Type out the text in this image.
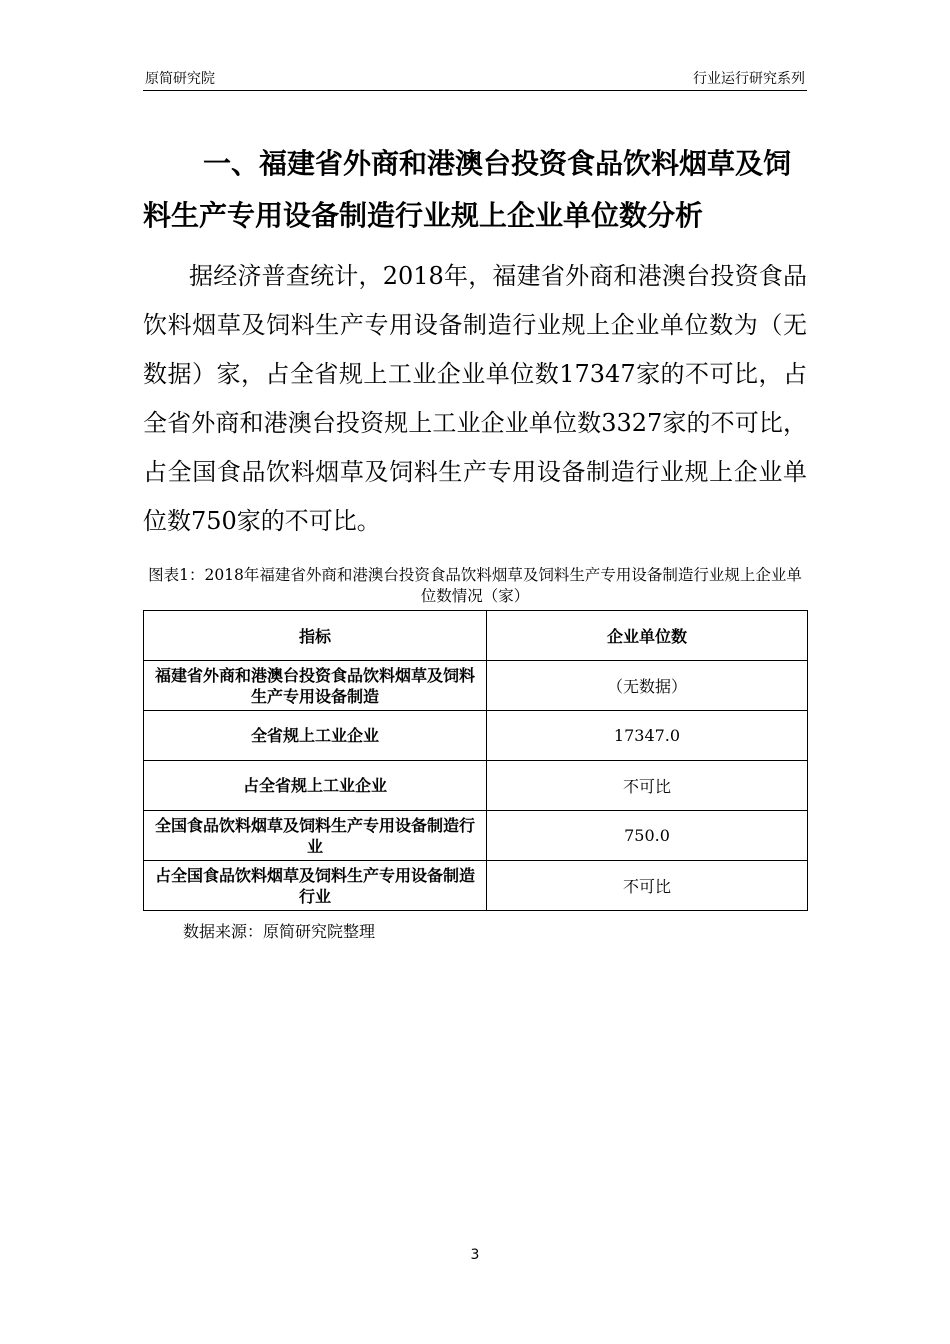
原简研究院	行业运行研究系列
一、福建省外商和港澳台投资食品饮料烟草及饲料生产专用设备制造行业规上企业单位数分析

据经济普查统计，2018年，福建省外商和港澳台投资食品饮料烟草及饲料生产专用设备制造行业规上企业单位数为（无数据）家，占全省规上工业企业单位数17347家的不可比，占全省外商和港澳台投资规上工业企业单位数3327家的不可比，占全国食品饮料烟草及饲料生产专用设备制造行业规上企业单位数750家的不可比。

图表1：2018年福建省外商和港澳台投资食品饮料烟草及饲料生产专用设备制造行业规上企业单位数情况（家）

指标	企业单位数
福建省外商和港澳台投资食品饮料烟草及饲料生产专用设备制造	（无数据）
全省规上工业企业	17347.0
占全省规上工业企业	不可比
全国食品饮料烟草及饲料生产专用设备制造行业	750.0
占全国食品饮料烟草及饲料生产专用设备制造行业	不可比
数据来源：原简研究院整理
3
